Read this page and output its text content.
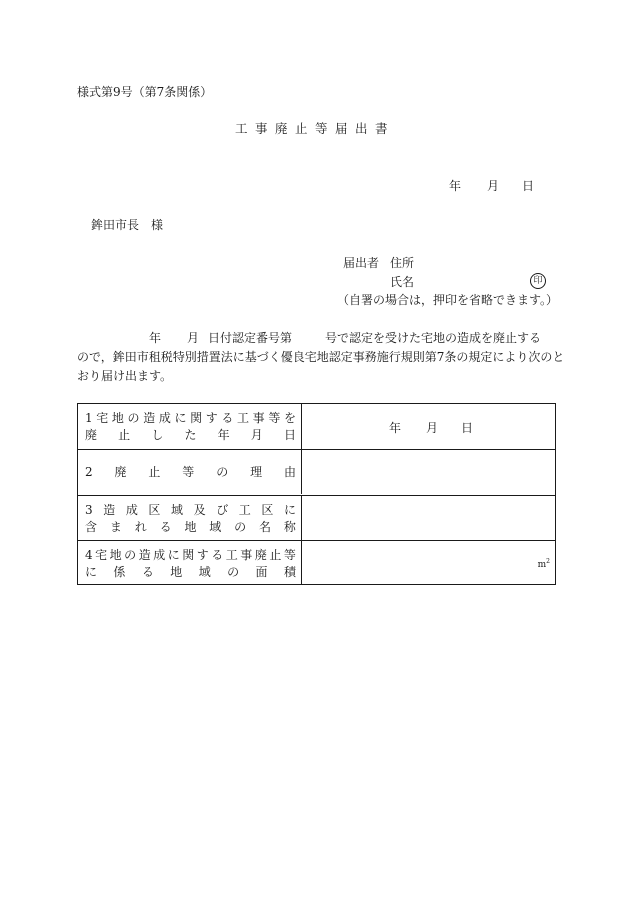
様式第9号（第7条関係）
工事廃止等届出書
年 月 日
鉾田市長 様
届出者 住所
氏名	印
（自署の場合は，押印を省略できます。）
年 月 日付認定番号第	号で認定を受けた宅地の造成を廃止する
ので，鉾田市租税特別措置法に基づく優良宅地認定事務施行規則第7条の規定により次のと
おり届け出ます。
1 宅 地 の 造 成 に 関 す る 工 事 等 を
廃 止 し た 年 月 日	年 月 日
2 廃 止 等 の 理 由
3 造 成 区 域 及 び 工 区 に
含 ま れ る 地 域 の 名 称
4 宅 地 の 造 成 に 関 す る 工 事 廃 止 等
に 係 る 地 域 の 面 積	$m^2$
